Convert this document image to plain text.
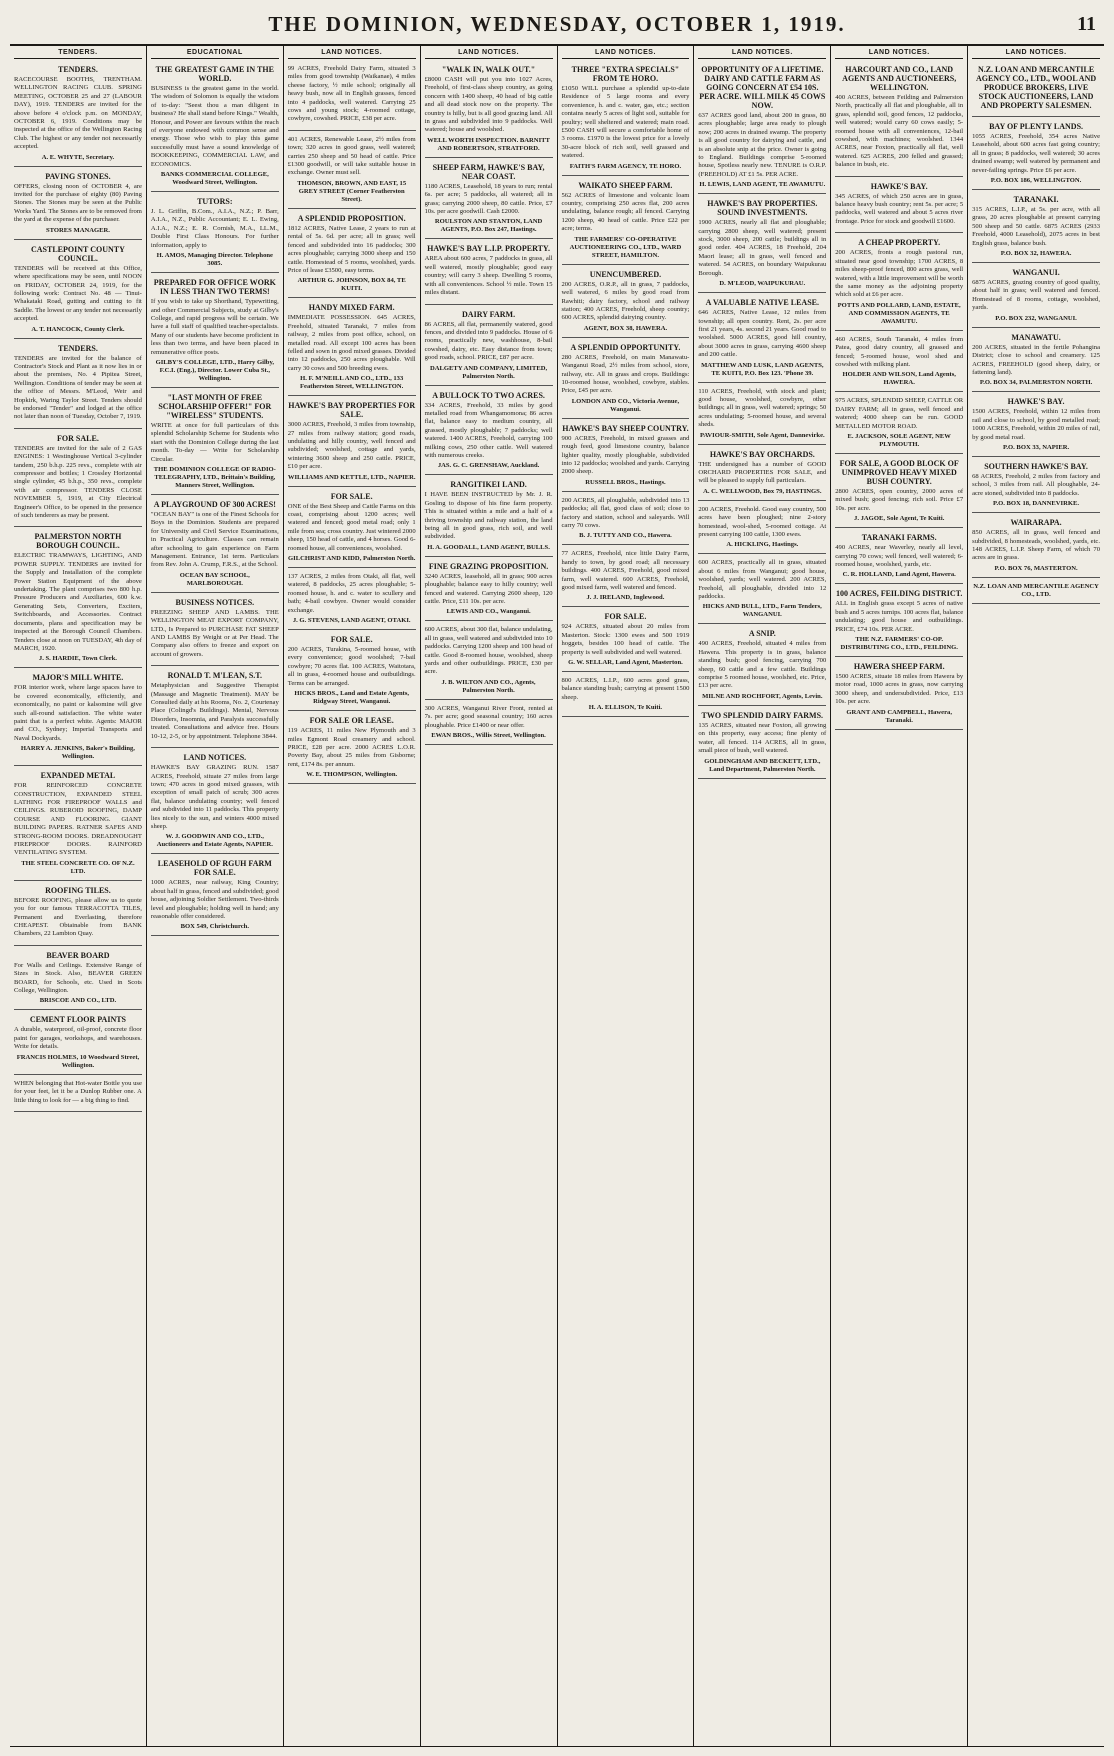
THE DOMINION, WEDNESDAY, OCTOBER 1, 1919.	11
TENDERS.
TENDERS.

RACECOURSE BOOTHS, TRENTHAM. WELLINGTON RACING CLUB. SPRING MEETING, OCTOBER 25 and 27 (LABOUR DAY), 1919. TENDERS are invited for the above before 4 o'clock p.m. on MONDAY, OCTOBER 6, 1919. Conditions may be inspected at the office of the Wellington Racing Club. The highest or any tender not necessarily accepted.

A. E. WHYTE, Secretary.
PAVING STONES.

OFFERS, closing noon of OCTOBER 4, are invited for the purchase of eighty (80) Paving Stones. The Stones may be seen at the Public Works Yard. The Stones are to be removed from the yard at the expense of the purchaser.

STORES MANAGER.
CASTLEPOINT COUNTY COUNCIL.

TENDERS will be received at this Office, where specifications may be seen, until NOON on FRIDAY, OCTOBER 24, 1919, for the following work: Contract No. 48 — Tinui-Whakataki Road, gutting and cutting to fit Saddle. The lowest or any tender not necessarily accepted.

A. T. HANCOCK, County Clerk.
TENDERS.

TENDERS are invited for the balance of Contractor's Stock and Plant as it now lies in or about the premises, No. 4 Pipitea Street, Wellington. Conditions of tender may be seen at the office of Messrs. M'Leod, Weir and Hopkirk, Waring Taylor Street. Tenders should be endorsed "Tender" and lodged at the office not later than noon of Tuesday, October 7, 1919.

FOR SALE.

TENDERS are invited for the sale of 2 GAS ENGINES: 1 Westinghouse Vertical 3-cylinder tandem, 250 b.h.p. 225 revs., complete with air compressor and bottles; 1 Crossley Horizontal single cylinder, 45 b.h.p., 350 revs., complete with air compressor. TENDERS CLOSE NOVEMBER 5, 1919, at City Electrical Engineer's Office, to be opened in the presence of such tenderers as may be present.

PALMERSTON NORTH BOROUGH COUNCIL.

ELECTRIC TRAMWAYS, LIGHTING, AND POWER SUPPLY. TENDERS are invited for the Supply and Installation of the complete Power Station Equipment of the above undertaking. The plant comprises two 800 h.p. Pressure Producers and Auxiliaries, 600 k.w. Generating Sets, Converters, Exciters, Switchboards, and Accessories. Contract documents, plans and specification may be inspected at the Borough Council Chambers. Tenders close at noon on TUESDAY, 4th day of MARCH, 1920.

J. S. HARDIE, Town Clerk.
MAJOR'S MILL WHITE.

FOR interior work, where large spaces have to be covered economically, efficiently, and economically, no paint or kalsomine will give such all-round satisfaction. The white water paint that is a perfect white. Agents: MAJOR and CO., Sydney; Imperial Transports and Naval Dockyards.

HARRY A. JENKINS, Baker's Building, Wellington.
EXPANDED METAL

FOR REINFORCED CONCRETE CONSTRUCTION, EXPANDED STEEL LATHING FOR FIREPROOF WALLS and CEILINGS. RUBEROID ROOFING, DAMP COURSE AND FLOORING. GIANT BUILDING PAPERS. RATNER SAFES AND STRONG-ROOM DOORS. DREADNOUGHT FIREPROOF DOORS. RAINFORD VENTILATING SYSTEM.

THE STEEL CONCRETE CO. OF N.Z. LTD.
ROOFING TILES.

BEFORE ROOFING, please allow us to quote you for our famous TERRACOTTA TILES, Permanent and Everlasting, therefore CHEAPEST. Obtainable from BANK Chambers, 22 Lambton Quay.

BEAVER BOARD

For Walls and Ceilings. Extensive Range of Sizes in Stock. Also, BEAVER GREEN BOARD, for Schools, etc. Used in Scots College, Wellington.

BRISCOE AND CO., LTD.
CEMENT FLOOR PAINTS

A durable, waterproof, oil-proof, concrete floor paint for garages, workshops, and warehouses. Write for details.

FRANCIS HOLMES, 10 Woodward Street, Wellington.

WHEN belonging that Hot-water Bottle you use for your feet, let it be a Dunlop Rubber one. A little thing to look for — a big thing to find.

EDUCATIONAL
THE GREATEST GAME IN THE WORLD.

BUSINESS is the greatest game in the world. The wisdom of Solomon is equally the wisdom of to-day: "Seest thou a man diligent in business? He shall stand before Kings." Wealth, Honour, and Power are favours within the reach of everyone endowed with common sense and energy. Those who wish to play this game successfully must have a sound knowledge of BOOKKEEPING, COMMERCIAL LAW, and ECONOMICS.

BANKS COMMERCIAL COLLEGE, Woodward Street, Wellington.
TUTORS:

J. L. Griffin, B.Com., A.I.A., N.Z.; P. Barr, A.I.A., N.Z., Public Accountant; E. L. Ewing, A.I.A., N.Z.; E. R. Cornish, M.A., LL.M., Double First Class Honours. For further information, apply to

H. AMOS, Managing Director. Telephone 3085.
PREPARED FOR OFFICE WORK IN LESS THAN TWO TERMS!

If you wish to take up Shorthand, Typewriting, and other Commercial Subjects, study at Gilby's College, and rapid progress will be certain. We have a full staff of qualified teacher-specialists. Many of our students have become proficient in less than two terms, and have been placed in remunerative office posts.

GILBY'S COLLEGE, LTD., Harry Gilby, F.C.I. (Eng.), Director. Lower Cuba St., Wellington.
"LAST MONTH OF FREE SCHOLARSHIP OFFER!" FOR "WIRELESS" STUDENTS.

WRITE at once for full particulars of this splendid Scholarship Scheme for Students who start with the Dominion College during the last month. To-day — Write for Scholarship Circular.

THE DOMINION COLLEGE OF RADIO-TELEGRAPHY, LTD., Brittain's Building, Manners Street, Wellington.
A PLAYGROUND OF 300 ACRES!

"OCEAN BAY" is one of the Finest Schools for Boys in the Dominion. Students are prepared for University and Civil Service Examinations, in Practical Agriculture. Classes can remain after schooling to gain experience on Farm Management. Entrance, 1st term. Particulars from Rev. John A. Crump, F.R.S., at the School.

OCEAN BAY SCHOOL, MARLBOROUGH.
BUSINESS NOTICES.

FREEZING SHEEP AND LAMBS. THE WELLINGTON MEAT EXPORT COMPANY, LTD., Is Prepared to PURCHASE FAT SHEEP AND LAMBS By Weight or at Per Head. The Company also offers to freeze and export on account of growers.

RONALD T. M'LEAN, S.T.

Metaphysician and Suggestive Therapist (Massage and Magnetic Treatment). MAY be Consulted daily at his Rooms, No. 2, Courtenay Place (Colingd's Buildings). Mental, Nervous Disorders, Insomnia, and Paralysis successfully treated. Consultations and advice free. Hours 10-12, 2-5, or by appointment. Telephone 3844.

LAND NOTICES.

HAWKE'S BAY GRAZING RUN. 1587 ACRES, Freehold, situate 27 miles from large town; 470 acres in good mixed grasses, with exception of small patch of scrub; 300 acres flat, balance undulating country; well fenced and subdivided into 11 paddocks. This property lies nicely to the sun, and winters 4000 mixed sheep.

W. J. GOODWIN AND CO., LTD., Auctioneers and Estate Agents, NAPIER.
LEASEHOLD OF RGUH FARM FOR SALE.

1000 ACRES, near railway, King Country; about half in grass, fenced and subdivided; good house, adjoining Soldier Settlement. Two-thirds level and ploughable; holding well in hand; any reasonable offer considered.

BOX 549, Christchurch.
LAND NOTICES.

99 ACRES, Freehold Dairy Farm, situated 3 miles from good township (Waikanae), 4 miles cheese factory, ½ mile school; originally all heavy bush, now all in English grasses, fenced into 4 paddocks, well watered. Carrying 25 cows and young stock; 4-roomed cottage, cowbyre, cowshed. PRICE, £38 per acre.

401 ACRES, Renewable Lease, 2½ miles from town; 320 acres in good grass, well watered; carries 250 sheep and 50 head of cattle. Price £1300 goodwill, or will take suitable house in exchange. Owner must sell.

THOMSON, BROWN, AND EAST, 15 GREY STREET (Corner Featherston Street).
A SPLENDID PROPOSITION.

1812 ACRES, Native Lease, 2 years to run at rental of 5s. 6d. per acre; all in grass; well fenced and subdivided into 16 paddocks; 300 acres ploughable; carrying 3000 sheep and 150 cattle. Homestead of 5 rooms, woolshed, yards. Price of lease £3500, easy terms.

ARTHUR G. JOHNSON, BOX 84, TE KUITI.
HANDY MIXED FARM.

IMMEDIATE POSSESSION. 645 ACRES, Freehold, situated Taranaki, 7 miles from railway, 2 miles from post office, school, on metalled road. All except 100 acres has been felled and sown in good mixed grasses. Divided into 12 paddocks, 250 acres ploughable. Will carry 30 cows and 500 breeding ewes.

H. F. M'NEILL AND CO., LTD., 133 Featherston Street, WELLINGTON.
HAWKE'S BAY PROPERTIES FOR SALE.

3000 ACRES, Freehold, 3 miles from township, 27 miles from railway station; good roads, undulating and hilly country, well fenced and subdivided; woolshed, cottage and yards, wintering 3600 sheep and 250 cattle. PRICE, £10 per acre.

WILLIAMS AND KETTLE, LTD., NAPIER.
FOR SALE.

ONE of the Best Sheep and Cattle Farms on this coast, comprising about 1200 acres; well watered and fenced; good metal road; only 1 mile from sea; cross country. Just wintered 2000 sheep, 150 head of cattle, and 4 horses. Good 6-roomed house, all conveniences, woolshed.

GILCHRIST AND KIDD, Palmerston North.

137 ACRES, 2 miles from Otaki, all flat, well watered, 8 paddocks, 25 acres ploughable; 5-roomed house, h. and c. water to scullery and bath; 4-bail cowbyre. Owner would consider exchange.

J. G. STEVENS, LAND AGENT, OTAKI.
FOR SALE.

200 ACRES, Turakina, 5-roomed house, with every convenience; good woolshed; 7-bail cowbyre; 70 acres flat. 100 ACRES, Waitotara, all in grass, 4-roomed house and outbuildings. Terms can be arranged.

HICKS BROS., Land and Estate Agents, Ridgway Street, Wanganui.
FOR SALE OR LEASE.

119 ACRES, 11 miles New Plymouth and 3 miles Egmont Road creamery and school. PRICE, £28 per acre. 2000 ACRES L.O.R. Poverty Bay, about 25 miles from Gisborne; rent, £174 8s. per annum.

W. E. THOMPSON, Wellington.
LAND NOTICES.
"WALK IN, WALK OUT."

£8000 CASH will put you into 1027 Acres, Freehold, of first-class sheep country, as going concern with 1400 sheep, 40 head of big cattle and all dead stock now on the property. The country is hilly, but is all good grazing land. All in grass and subdivided into 9 paddocks. Well watered; house and woolshed.

WELL WORTH INSPECTION. BARNITT AND ROBERTSON, STRATFORD.
SHEEP FARM, HAWKE'S BAY, NEAR COAST.

1180 ACRES, Leasehold, 18 years to run; rental 6s. per acre; 5 paddocks, all watered; all in grass; carrying 2000 sheep, 80 cattle. Price, £7 10s. per acre goodwill. Cash £2000.

ROULSTON AND STANTON, LAND AGENTS, P.O. Box 247, Hastings.
HAWKE'S BAY L.I.P. PROPERTY.

AREA about 600 acres, 7 paddocks in grass, all well watered, mostly ploughable; good easy country; will carry 3 sheep. Dwelling 5 rooms, with all conveniences. School ½ mile. Town 15 miles distant.

DAIRY FARM.

86 ACRES, all flat, permanently watered, good fences, and divided into 9 paddocks. House of 6 rooms, practically new, washhouse, 8-bail cowshed, dairy, etc. Easy distance from town; good roads, school. PRICE, £87 per acre.

DALGETY AND COMPANY, LIMITED, Palmerston North.
A BULLOCK TO TWO ACRES.

334 ACRES, Freehold, 33 miles by good metalled road from Whangamomona; 86 acres flat, balance easy to medium country, all grassed, mostly ploughable; 7 paddocks; well watered. 1400 ACRES, Freehold, carrying 100 milking cows, 250 other cattle. Well watered with numerous creeks.

JAS. G. C. GRENSHAW, Auckland.
RANGITIKEI LAND.

I HAVE BEEN INSTRUCTED by Mr. J. R. Gosling to dispose of his fine farm property. This is situated within a mile and a half of a thriving township and railway station, the land being all in good grass, rich soil, and well subdivided.

H. A. GOODALL, LAND AGENT, BULLS.
FINE GRAZING PROPOSITION.

3240 ACRES, leasehold, all in grass; 900 acres ploughable; balance easy to hilly country; well fenced and watered. Carrying 2600 sheep, 120 cattle. Price, £11 10s. per acre.

LEWIS AND CO., Wanganui.

600 ACRES, about 300 flat, balance undulating, all in grass, well watered and subdivided into 10 paddocks. Carrying 1200 sheep and 100 head of cattle. Good 8-roomed house, woolshed, sheep yards and other outbuildings. PRICE, £30 per acre.

J. B. WILTON AND CO., Agents, Palmerston North.

300 ACRES, Wanganui River Front, rented at 7s. per acre; good seasonal country; 160 acres ploughable. Price £1400 or near offer.

EWAN BROS., Willis Street, Wellington.
LAND NOTICES.
THREE "EXTRA SPECIALS" FROM TE HORO.

£1050 WILL purchase a splendid up-to-date Residence of 5 large rooms and every convenience, h. and c. water, gas, etc.; section contains nearly 5 acres of light soil, suitable for poultry; well sheltered and watered; main road. £500 CASH will secure a comfortable home of 3 rooms. £1970 is the lowest price for a lovely 30-acre block of rich soil, well grassed and watered.

FAITH'S FARM AGENCY, TE HORO.
WAIKATO SHEEP FARM.

562 ACRES of limestone and volcanic loam country, comprising 250 acres flat, 200 acres undulating, balance rough; all fenced. Carrying 1200 sheep, 40 head of cattle. Price £22 per acre; terms.

THE FARMERS' CO-OPERATIVE AUCTIONEERING CO., LTD., WARD STREET, HAMILTON.
UNENCUMBERED.

200 ACRES, O.R.P., all in grass, 7 paddocks, well watered, 6 miles by good road from Rawhiti; dairy factory, school and railway station; 400 ACRES, Freehold, sheep country; 600 ACRES, splendid dairying country.

AGENT, BOX 38, HAWERA.
A SPLENDID OPPORTUNITY.

280 ACRES, Freehold, on main Manawatu-Wanganui Road, 2½ miles from school, store, railway, etc. All in grass and crops. Buildings: 10-roomed house, woolshed, cowbyre, stables. Price, £45 per acre.

LONDON AND CO., Victoria Avenue, Wanganui.
HAWKE'S BAY SHEEP COUNTRY.

900 ACRES, Freehold, in mixed grasses and rough feed, good limestone country, balance lighter quality, mostly ploughable, subdivided into 12 paddocks; woolshed and yards. Carrying 2000 sheep.

RUSSELL BROS., Hastings.

200 ACRES, all ploughable, subdivided into 13 paddocks; all flat, good class of soil; close to factory and station, school and saleyards. Will carry 70 cows.

B. J. TUTTY AND CO., Hawera.

77 ACRES, Freehold, nice little Dairy Farm, handy to town, by good road; all necessary buildings. 400 ACRES, Freehold, good mixed farm, well watered. 600 ACRES, Freehold, good mixed farm, well watered and fenced.

J. J. IRELAND, Inglewood.
FOR SALE.

924 ACRES, situated about 20 miles from Masterton. Stock: 1300 ewes and 500 1919 hoggets, besides 100 head of cattle. The property is well subdivided and well watered.

G. W. SELLAR, Land Agent, Masterton.

800 ACRES, L.I.P., 600 acres good grass, balance standing bush; carrying at present 1500 sheep.

H. A. ELLISON, Te Kuiti.
LAND NOTICES.
OPPORTUNITY OF A LIFETIME. DAIRY AND CATTLE FARM AS GOING CONCERN AT £54 10S. PER ACRE. WILL MILK 45 COWS NOW.

637 ACRES good land, about 200 in grass, 80 acres ploughable; large area ready to plough now; 200 acres in drained swamp. The property is all good country for dairying and cattle, and is an absolute snip at the price. Owner is going to England. Buildings comprise 5-roomed house, Spotless nearly new. TENURE is O.R.P. (FREEHOLD) AT £1 5s. PER ACRE.

H. LEWIS, LAND AGENT, TE AWAMUTU.
HAWKE'S BAY PROPERTIES. SOUND INVESTMENTS.

1900 ACRES, nearly all flat and ploughable; carrying 2800 sheep, well watered; present stock, 3000 sheep, 200 cattle; buildings all in good order. 404 ACRES, 18 Freehold, 204 Maori lease; all in grass, well fenced and watered. 54 ACRES, on boundary Waipukurau Borough.

D. M'LEOD, WAIPUKURAU.
A VALUABLE NATIVE LEASE.

646 ACRES, Native Lease, 12 miles from township; all open country. Rent, 2s. per acre first 21 years, 4s. second 21 years. Good road to woolshed. 5000 ACRES, good hill country, about 3000 acres in grass, carrying 4600 sheep and 200 cattle.

MATTHEW AND LUSK, LAND AGENTS, TE KUITI, P.O. Box 123. 'Phone 39.

110 ACRES, Freehold, with stock and plant; good house, woolshed, cowbyre, other buildings; all in grass, well watered; springs; 50 acres undulating; 5-roomed house, and several sheds.

PAVIOUR-SMITH, Sole Agent, Dannevirke.
HAWKE'S BAY ORCHARDS.

THE undersigned has a number of GOOD ORCHARD PROPERTIES FOR SALE, and will be pleased to supply full particulars.

A. C. WELLWOOD, Box 79, HASTINGS.

200 ACRES, Freehold. Good easy country, 500 acres have been ploughed; nine 2-story homestead, wool-shed, 5-roomed cottage. At present carrying 100 cattle, 1300 ewes.

A. HICKLING, Hastings.

600 ACRES, practically all in grass, situated about 6 miles from Wanganui; good house, woolshed, yards; well watered. 200 ACRES, Freehold, all ploughable, divided into 12 paddocks.

HICKS AND BULL, LTD., Farm Tenders, WANGANUI.
A SNIP.

490 ACRES, Freehold, situated 4 miles from Hawera. This property is in grass, balance standing bush; good fencing, carrying 700 sheep, 60 cattle and a few cattle. Buildings comprise 5 roomed house, woolshed, etc. Price, £13 per acre.

MILNE AND ROCHFORT, Agents, Levin.
TWO SPLENDID DAIRY FARMS.

135 ACRES, situated near Foxton, all growing on this property, easy access; fine plenty of water, all fenced. 114 ACRES, all in grass, small piece of bush, well watered.

GOLDINGHAM AND BECKETT, LTD., Land Department, Palmerston North.
LAND NOTICES.
HARCOURT AND CO., LAND AGENTS AND AUCTIONEERS, WELLINGTON.

400 ACRES, between Feilding and Palmerston North, practically all flat and ploughable, all in grass, splendid soil, good fences, 12 paddocks, well watered; would carry 60 cows easily; 5-roomed house with all conveniences, 12-bail cowshed, with machines; woolshed. 1344 ACRES, near Foxton, practically all flat, well watered. 625 ACRES, 200 felled and grassed; balance in bush, etc.

HAWKE'S BAY.

345 ACRES, of which 250 acres are in grass, balance heavy bush country; rent 5s. per acre; 5 paddocks, well watered and about 5 acres river frontage. Price for stock and goodwill £1600.

A CHEAP PROPERTY.

200 ACRES, fronts a rough pastoral run, situated near good township; 1700 ACRES, 8 miles sheep-proof fenced, 800 acres grass, well watered, with a little improvement will be worth the same money as the adjoining property which sold at £6 per acre.

POTTS AND POLLARD, LAND, ESTATE, AND COMMISSION AGENTS, TE AWAMUTU.

460 ACRES, South Taranaki, 4 miles from Patea, good dairy country, all grassed and fenced; 5-roomed house, wool shed and cowshed with milking plant.

HOLDER AND WILSON, Land Agents, HAWERA.

975 ACRES, SPLENDID SHEEP, CATTLE OR DAIRY FARM; all in grass, well fenced and watered; 4000 sheep can be run. GOOD METALLED MOTOR ROAD.

E. JACKSON, SOLE AGENT, NEW PLYMOUTH.
FOR SALE, A GOOD BLOCK OF UNIMPROVED HEAVY MIXED BUSH COUNTRY.

2800 ACRES, open country, 2000 acres of mixed bush; good fencing; rich soil. Price £7 10s. per acre.

J. JAGOE, Sole Agent, Te Kuiti.
TARANAKI FARMS.

490 ACRES, near Waverley, nearly all level, carrying 70 cows; well fenced, well watered; 6-roomed house, woolshed, yards, etc.

C. R. HOLLAND, Land Agent, Hawera.
100 ACRES, FEILDING DISTRICT.

ALL in English grass except 5 acres of native bush and 5 acres turnips. 100 acres flat, balance undulating; good house and outbuildings. PRICE, £74 10s. PER ACRE.

THE N.Z. FARMERS' CO-OP. DISTRIBUTING CO., LTD., FEILDING.
HAWERA SHEEP FARM.

1500 ACRES, situate 18 miles from Hawera by motor road, 1000 acres in grass, now carrying 3000 sheep, and undersubdivided. Price, £13 10s. per acre.

GRANT AND CAMPBELL, Hawera, Taranaki.
LAND NOTICES.
N.Z. LOAN AND MERCANTILE AGENCY CO., LTD., WOOL AND PRODUCE BROKERS, LIVE STOCK AUCTIONEERS, LAND AND PROPERTY SALESMEN.
BAY OF PLENTY LANDS.

1055 ACRES, Freehold, 354 acres Native Leasehold, about 600 acres fast going country; all in grass; 8 paddocks, well watered; 30 acres drained swamp; well watered by permanent and never-failing springs. Price £6 per acre.

P.O. BOX 186, WELLINGTON.
TARANAKI.

315 ACRES, L.I.P., at 5s. per acre, with all grass, 20 acres ploughable at present carrying 500 sheep and 50 cattle. 6875 ACRES (2933 Freehold, 4000 Leasehold), 2075 acres in best English grass, balance bush.

P.O. BOX 32, HAWERA.
WANGANUI.

6875 ACRES, grazing country of good quality, about half in grass; well watered and fenced. Homestead of 8 rooms, cottage, woolshed, yards.

P.O. BOX 232, WANGANUI.
MANAWATU.

200 ACRES, situated in the fertile Pohangina District; close to school and creamery. 125 ACRES, FREEHOLD (good sheep, dairy, or fattening land).

P.O. BOX 34, PALMERSTON NORTH.
HAWKE'S BAY.

1500 ACRES, Freehold, within 12 miles from rail and close to school, by good metalled road; 1000 ACRES, Freehold, within 20 miles of rail, by good metal road.

P.O. BOX 33, NAPIER.
SOUTHERN HAWKE'S BAY.

68 ACRES, Freehold, 2 miles from factory and school, 3 miles from rail. All ploughable, 24-acre stoned, subdivided into 8 paddocks.

P.O. BOX 18, DANNEVIRKE.
WAIRARAPA.

850 ACRES, all in grass, well fenced and subdivided, 8 homesteads, woolshed, yards, etc. 148 ACRES, L.I.P. Sheep Farm, of which 70 acres are in grass.

P.O. BOX 76, MASTERTON.
N.Z. LOAN AND MERCANTILE AGENCY CO., LTD.
